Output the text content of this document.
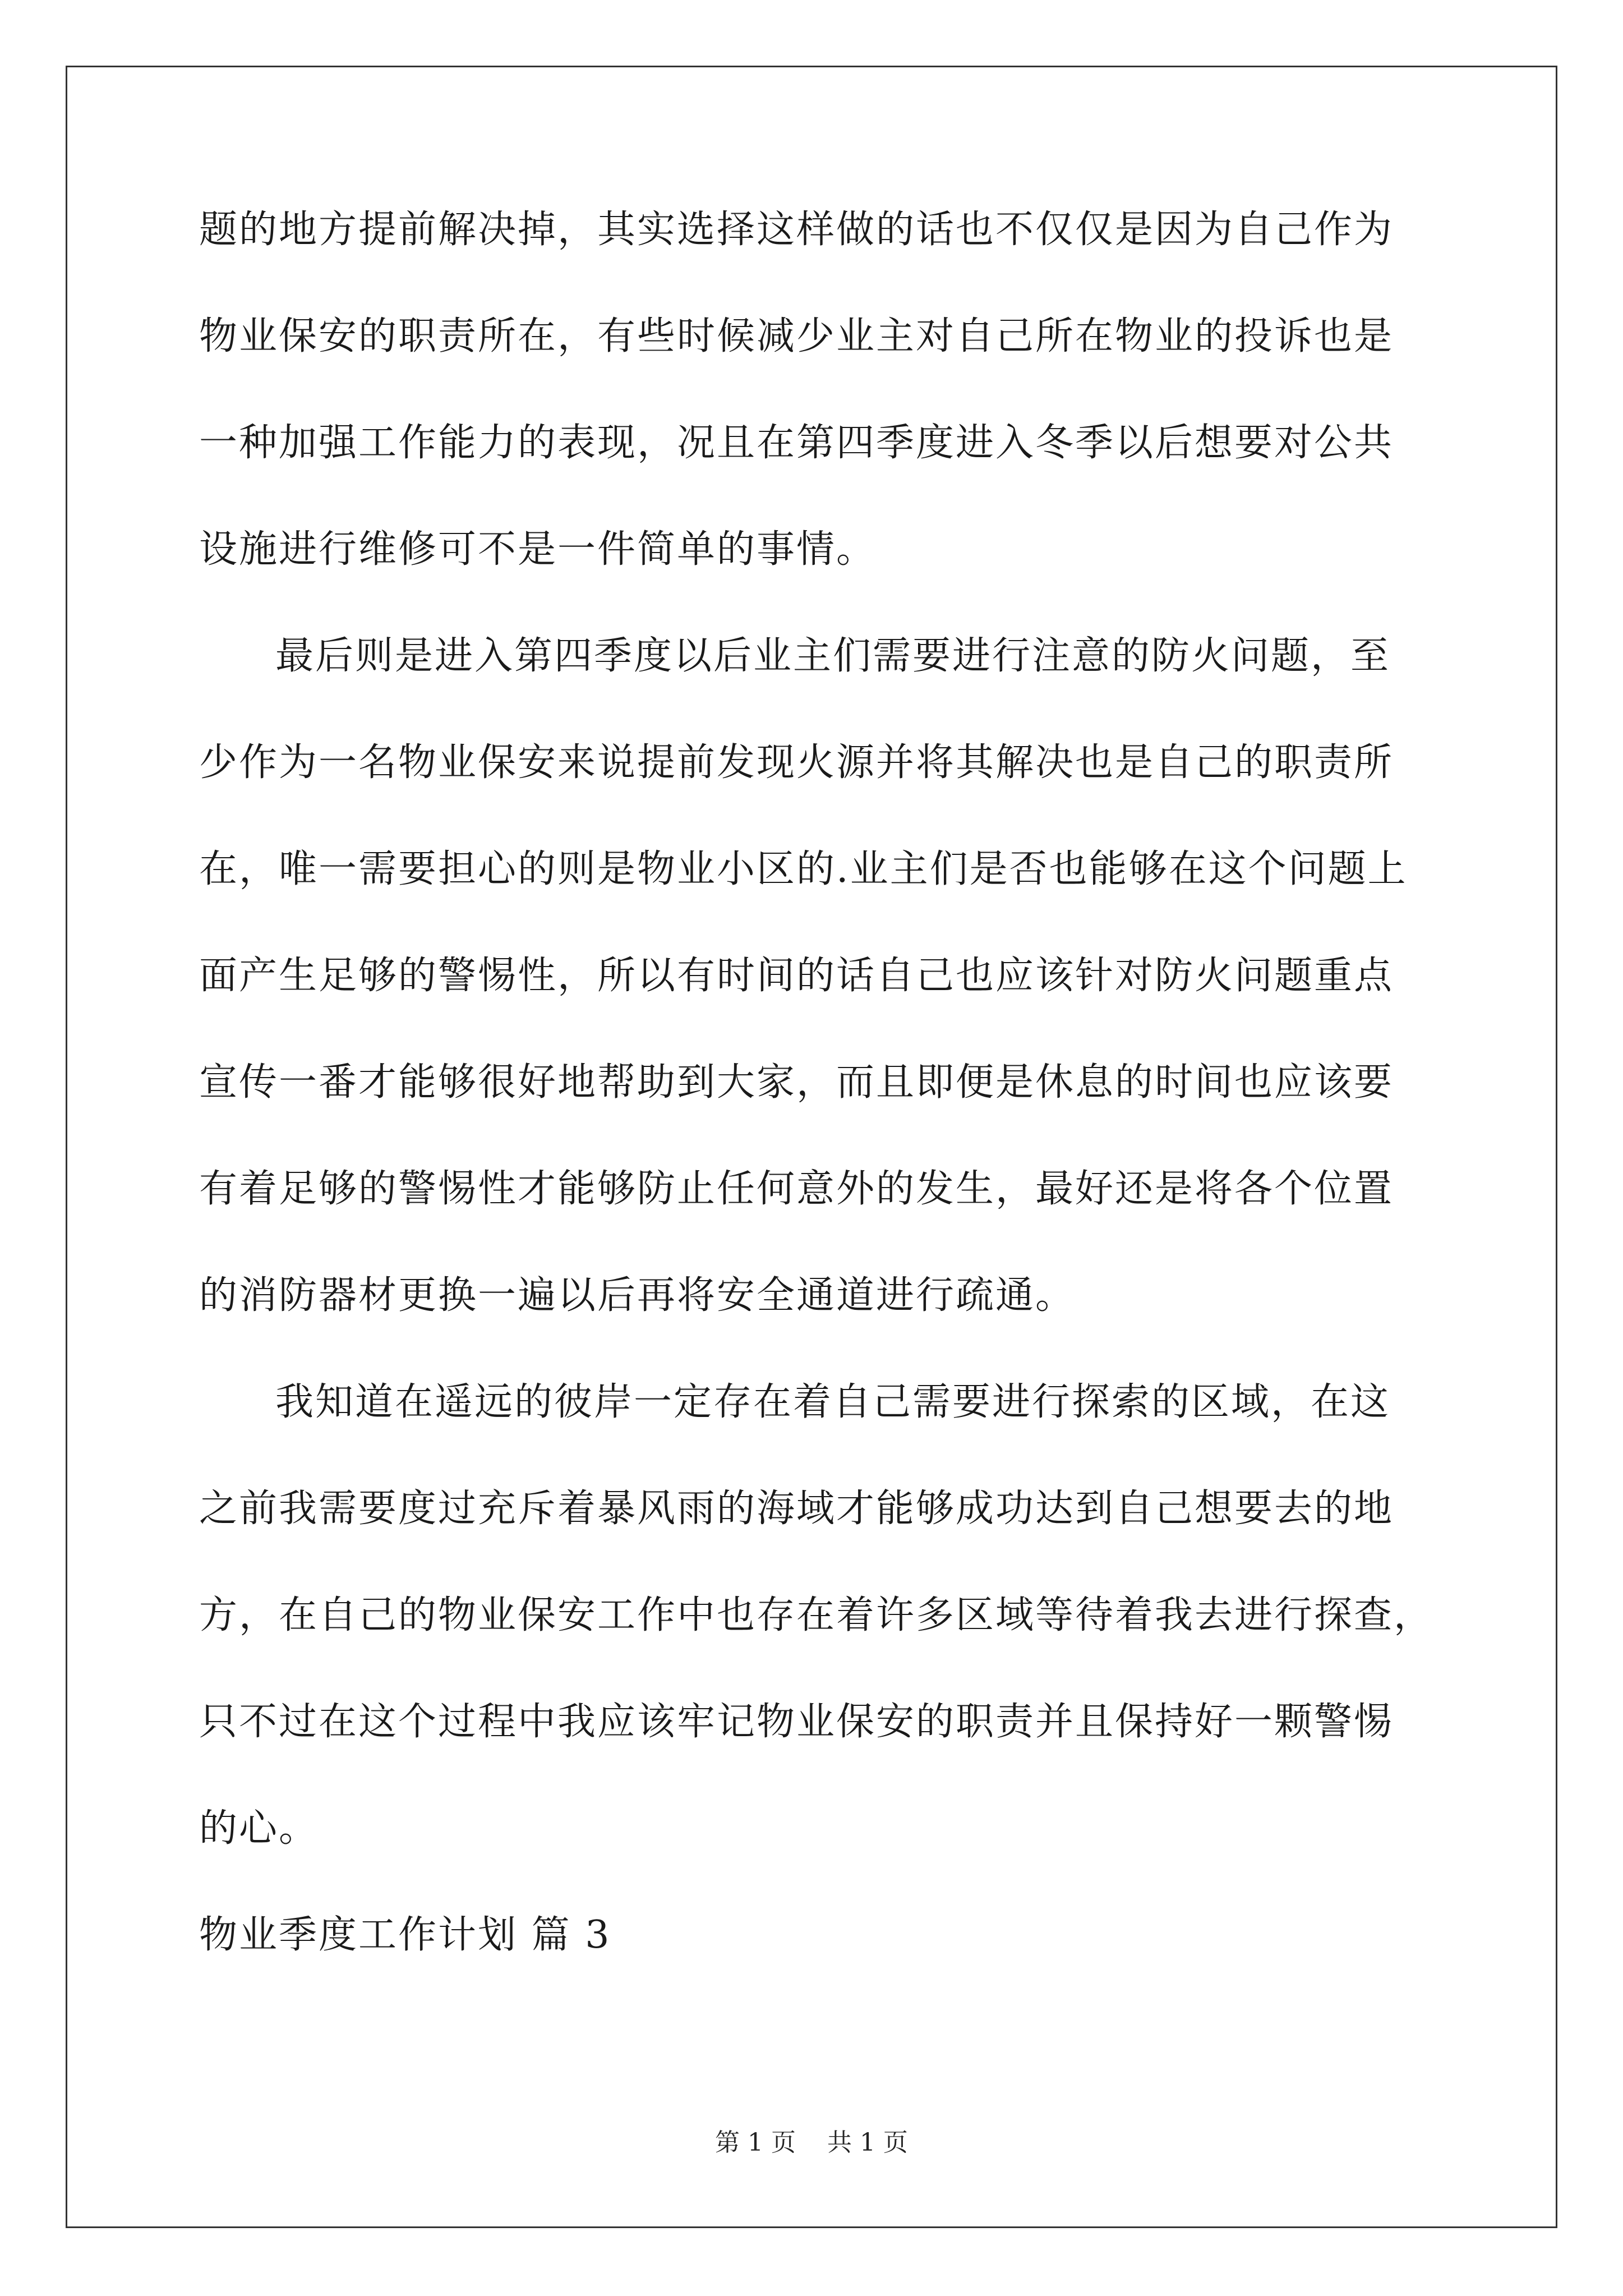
题的地方提前解决掉，其实选择这样做的话也不仅仅是因为自己作为
物业保安的职责所在，有些时候减少业主对自己所在物业的投诉也是
一种加强工作能力的表现，况且在第四季度进入冬季以后想要对公共
设施进行维修可不是一件简单的事情。
最后则是进入第四季度以后业主们需要进行注意的防火问题，至
少作为一名物业保安来说提前发现火源并将其解决也是自己的职责所
在，唯一需要担心的则是物业小区的.业主们是否也能够在这个问题上
面产生足够的警惕性，所以有时间的话自己也应该针对防火问题重点
宣传一番才能够很好地帮助到大家，而且即便是休息的时间也应该要
有着足够的警惕性才能够防止任何意外的发生，最好还是将各个位置
的消防器材更换一遍以后再将安全通道进行疏通。
我知道在遥远的彼岸一定存在着自己需要进行探索的区域，在这
之前我需要度过充斥着暴风雨的海域才能够成功达到自己想要去的地
方，在自己的物业保安工作中也存在着许多区域等待着我去进行探查，
只不过在这个过程中我应该牢记物业保安的职责并且保持好一颗警惕
的心。
物业季度工作计划 篇 3
第 1 页    共 1 页
